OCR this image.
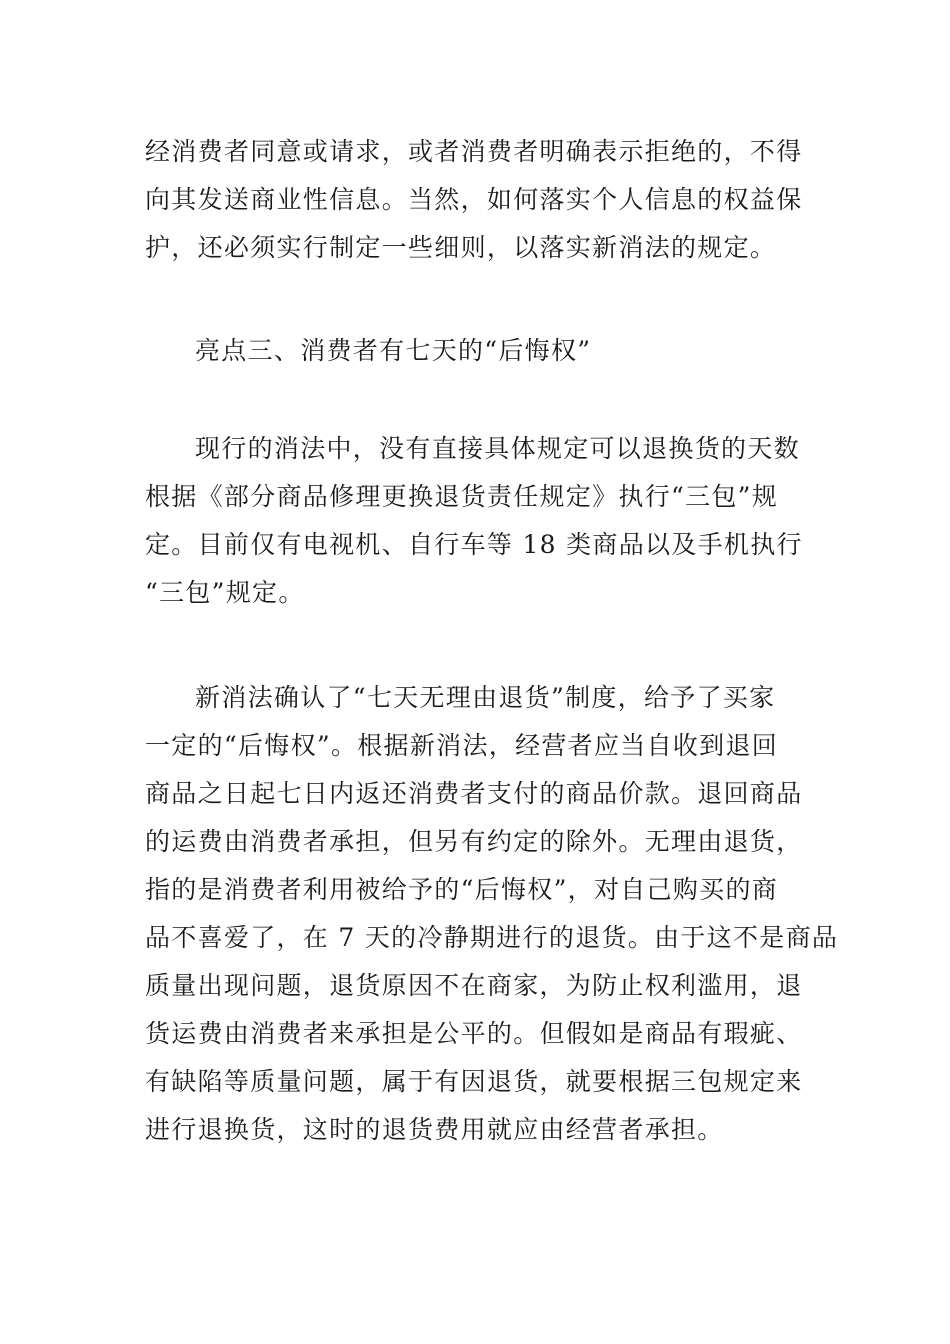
经消费者同意或请求，或者消费者明确表示拒绝的，不得
向其发送商业性信息。当然，如何落实个人信息的权益保
护，还必须实行制定一些细则，以落实新消法的规定。
亮点三、消费者有七天的“后悔权”
现行的消法中，没有直接具体规定可以退换货的天数
根据《部分商品修理更换退货责任规定》执行“三包”规
定。目前仅有电视机、自行车等 18 类商品以及手机执行
“三包”规定。
新消法确认了“七天无理由退货”制度，给予了买家
一定的“后悔权”。根据新消法，经营者应当自收到退回
商品之日起七日内返还消费者支付的商品价款。退回商品
的运费由消费者承担，但另有约定的除外。无理由退货，
指的是消费者利用被给予的“后悔权”，对自己购买的商
品不喜爱了，在 7 天的冷静期进行的退货。由于这不是商品
质量出现问题，退货原因不在商家，为防止权利滥用，退
货运费由消费者来承担是公平的。但假如是商品有瑕疵、
有缺陷等质量问题，属于有因退货，就要根据三包规定来
进行退换货，这时的退货费用就应由经营者承担。
